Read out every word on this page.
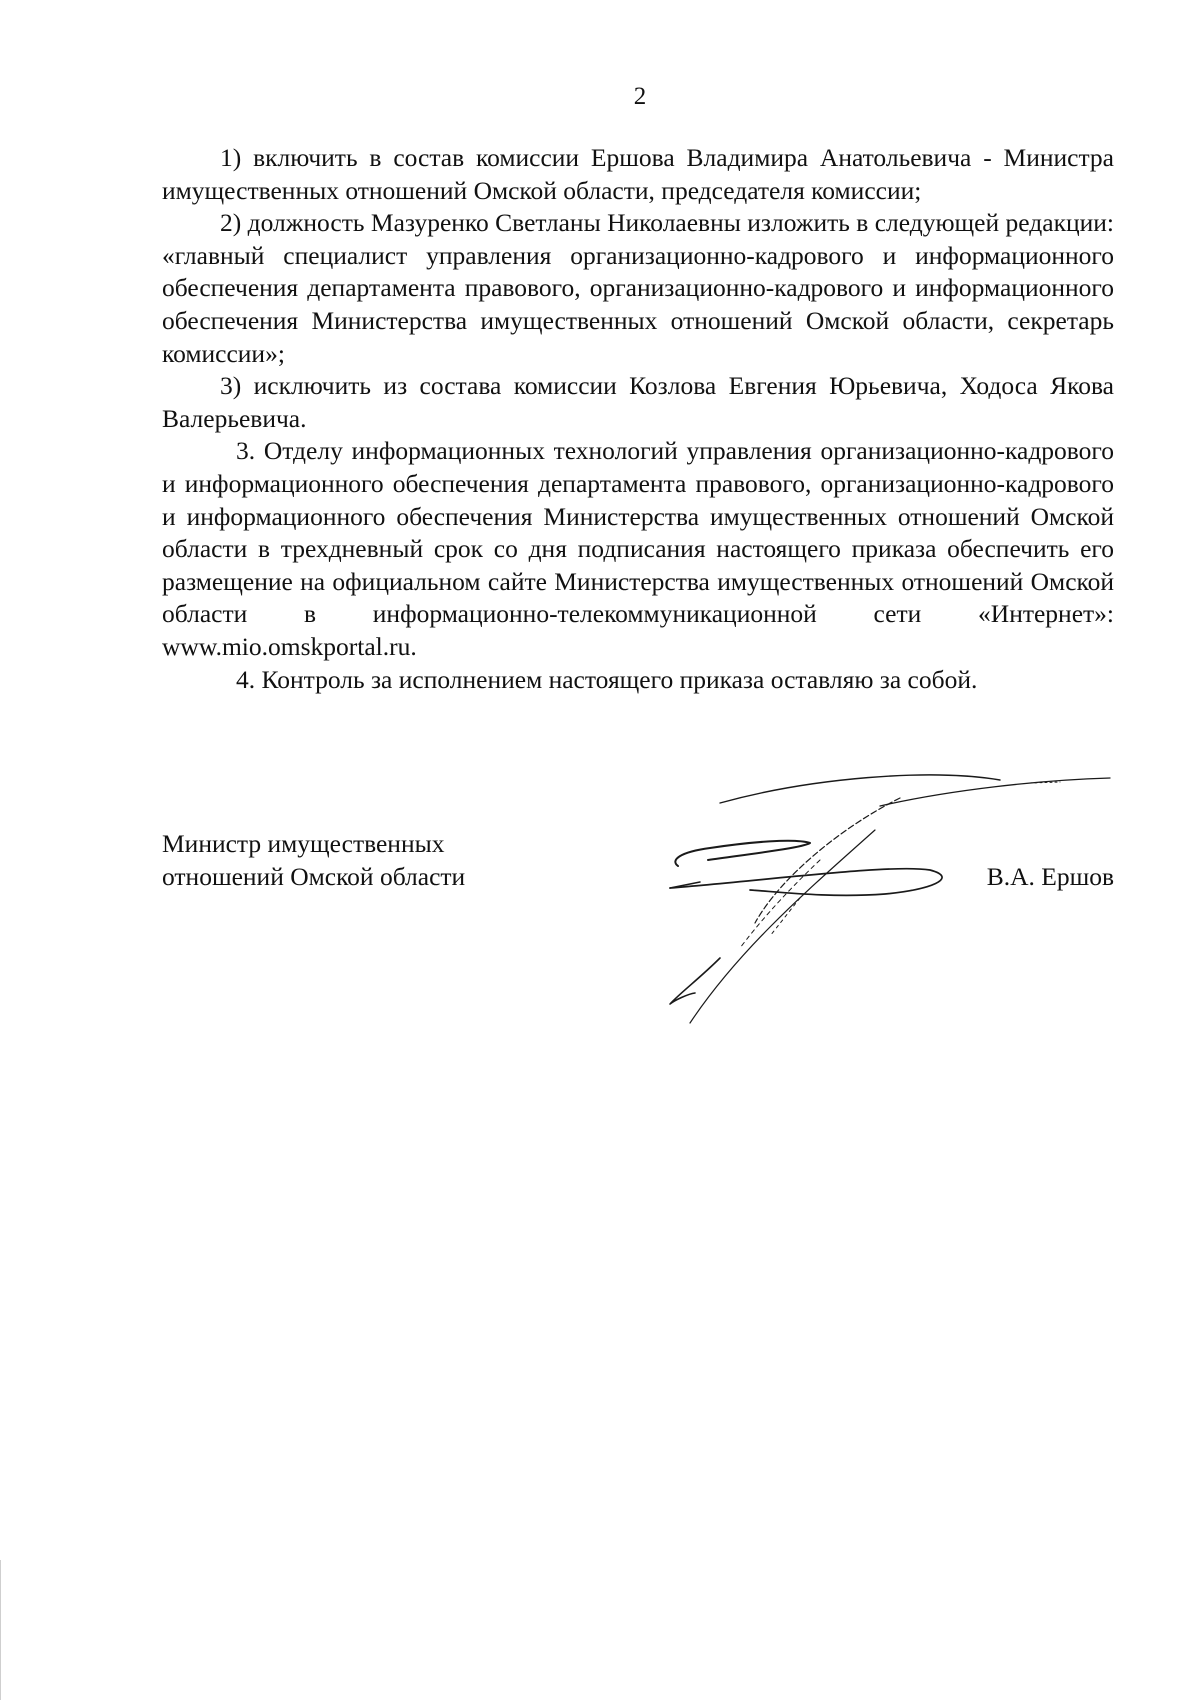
2

1) включить в состав комиссии Ершова Владимира Анатольевича - Министра имущественных отношений Омской области, председателя комиссии;

2) должность Мазуренко Светланы Николаевны изложить в следующей редакции: «главный специалист управления организационно-кадрового и информационного обеспечения департамента правового, организационно-кадрового и информационного обеспечения Министерства имущественных отношений Омской области, секретарь комиссии»;

3) исключить из состава комиссии Козлова Евгения Юрьевича, Ходоса Якова Валерьевича.

3. Отделу информационных технологий управления организационно-кадрового и информационного обеспечения департамента правового, организационно-кадрового и информационного обеспечения Министерства имущественных отношений Омской области в трехдневный срок со дня подписания настоящего приказа обеспечить его размещение на официальном сайте Министерства имущественных отношений Омской области в информационно-телекоммуникационной сети «Интернет»: www.mio.omskportal.ru.

4. Контроль за исполнением настоящего приказа оставляю за собой.

Министр имущественных
отношений Омской области	В.А. Ершов
